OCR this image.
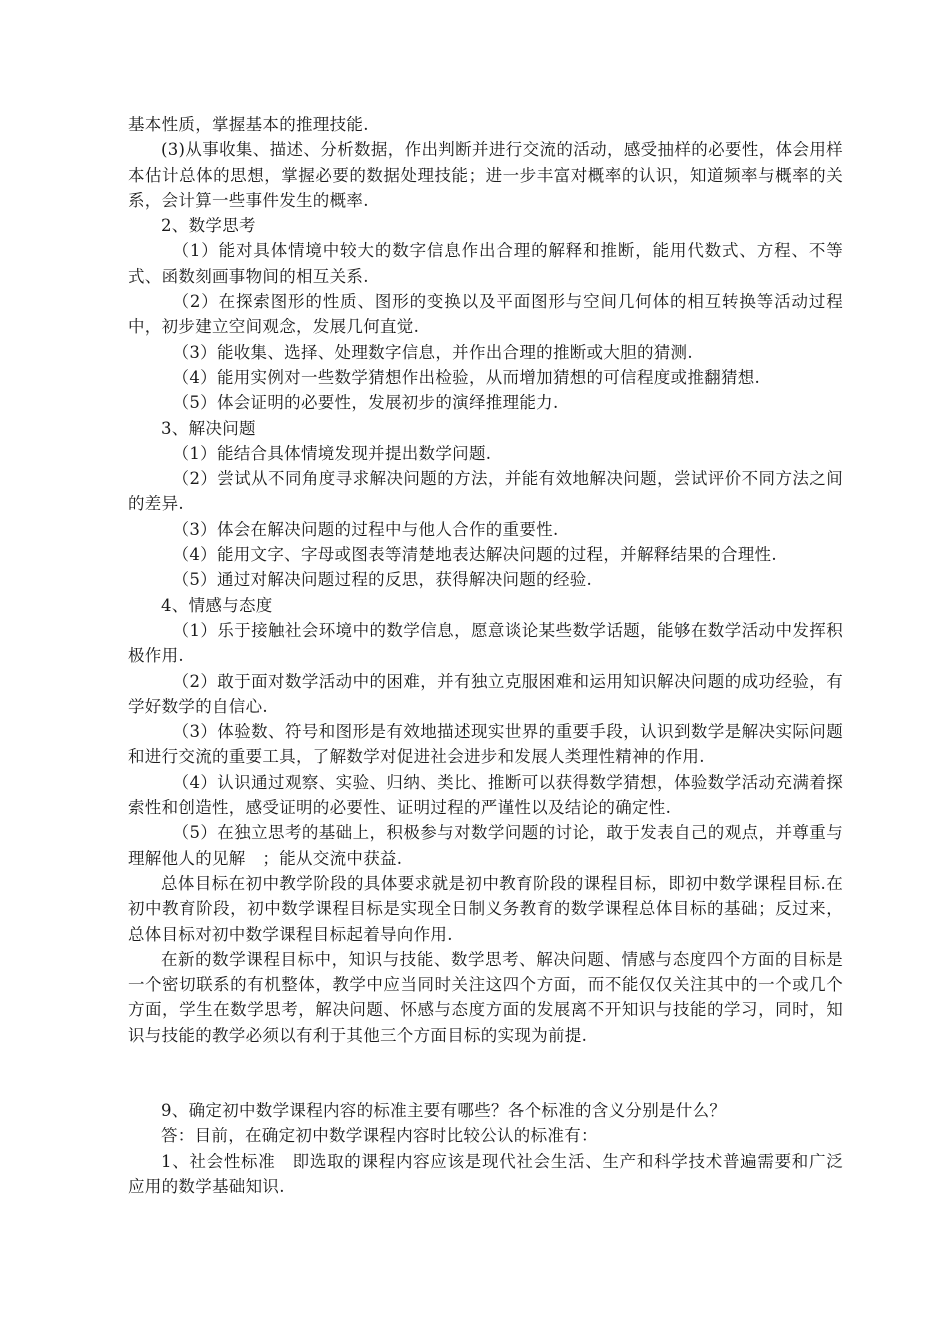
基本性质，掌握基本的推理技能.

(3)从事收集、描述、分析数据，作出判断并进行交流的活动，感受抽样的必要性，体会用样本估计总体的思想，掌握必要的数据处理技能；进一步丰富对概率的认识，知道频率与概率的关系，会计算一些事件发生的概率.

2、数学思考

（1）能对具体情境中较大的数字信息作出合理的解释和推断，能用代数式、方程、不等式、函数刻画事物间的相互关系.

（2）在探索图形的性质、图形的变换以及平面图形与空间几何体的相互转换等活动过程中，初步建立空间观念，发展几何直觉.

（3）能收集、选择、处理数字信息，并作出合理的推断或大胆的猜测.

（4）能用实例对一些数学猜想作出检验，从而增加猜想的可信程度或推翻猜想.

（5）体会证明的必要性，发展初步的演绎推理能力.

3、解决问题

（1）能结合具体情境发现并提出数学问题.

（2）尝试从不同角度寻求解决问题的方法，并能有效地解决问题，尝试评价不同方法之间的差异.

（3）体会在解决问题的过程中与他人合作的重要性.

（4）能用文字、字母或图表等清楚地表达解决问题的过程，并解释结果的合理性.

（5）通过对解决问题过程的反思，获得解决问题的经验.

4、情感与态度

（1）乐于接触社会环境中的数学信息，愿意谈论某些数学话题，能够在数学活动中发挥积极作用.

（2）敢于面对数学活动中的困难，并有独立克服困难和运用知识解决问题的成功经验，有学好数学的自信心.

（3）体验数、符号和图形是有效地描述现实世界的重要手段，认识到数学是解决实际问题和进行交流的重要工具，了解数学对促进社会进步和发展人类理性精神的作用.

（4）认识通过观察、实验、归纳、类比、推断可以获得数学猜想，体验数学活动充满着探索性和创造性，感受证明的必要性、证明过程的严谨性以及结论的确定性.

（5）在独立思考的基础上，积极参与对数学问题的讨论，敢于发表自己的观点，并尊重与理解他人的见解　；能从交流中获益.

总体目标在初中教学阶段的具体要求就是初中教育阶段的课程目标，即初中数学课程目标.在初中教育阶段，初中数学课程目标是实现全日制义务教育的数学课程总体目标的基础；反过来，总体目标对初中数学课程目标起着导向作用.

在新的数学课程目标中，知识与技能、数学思考、解决问题、情感与态度四个方面的目标是一个密切联系的有机整体，教学中应当同时关注这四个方面，而不能仅仅关注其中的一个或几个方面，学生在数学思考，解决问题、怀感与态度方面的发展离不开知识与技能的学习，同时，知识与技能的教学必须以有利于其他三个方面目标的实现为前提.

9、确定初中数学课程内容的标准主要有哪些？各个标准的含义分别是什么？

答：目前，在确定初中数学课程内容时比较公认的标准有：

1、社会性标准　即选取的课程内容应该是现代社会生活、生产和科学技术普遍需要和广泛应用的数学基础知识.
